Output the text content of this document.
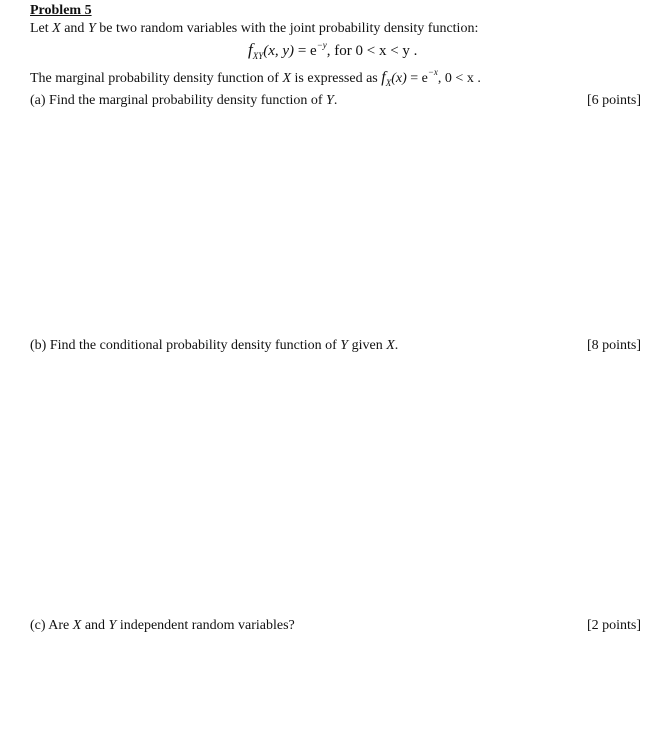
Problem 5
Let X and Y be two random variables with the joint probability density function:
$f_{XY}(x$, $y) = e^{-y}$, for 0 < x < y .
The marginal probability density function of X is expressed as $f_X(x) = e^{-x}$, 0 < x .
(a) Find the marginal probability density function of Y.	[6 points]
(b) Find the conditional probability density function of Y given X.	[8 points]
(c) Are X and Y independent random variables?	[2 points]
